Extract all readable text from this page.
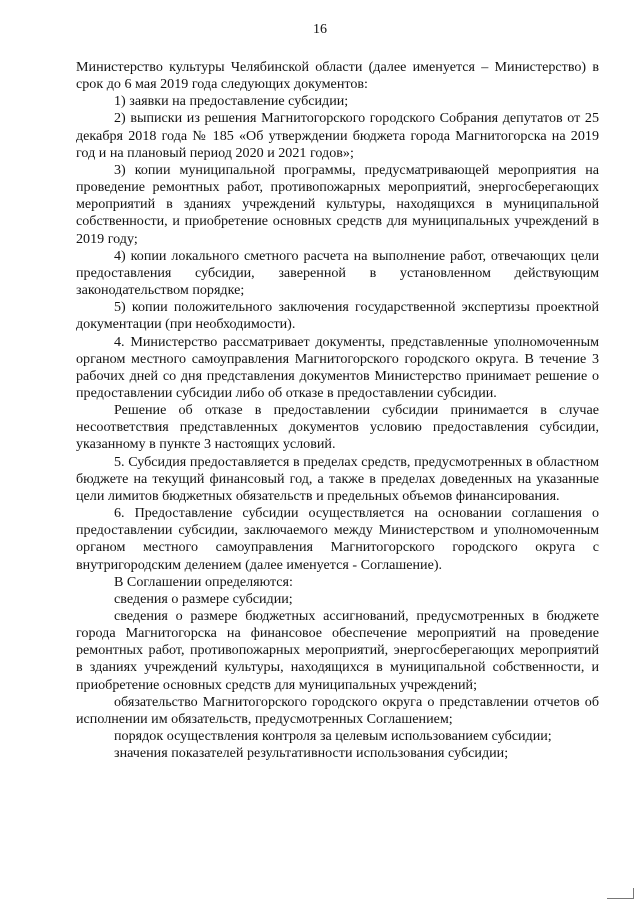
16

Министерство культуры Челябинской области (далее именуется – Министерство) в срок до 6 мая 2019 года следующих документов:

1) заявки на предоставление субсидии;

2) выписки из решения Магнитогорского городского Собрания депутатов от 25 декабря 2018 года № 185 «Об утверждении бюджета города Магнитогорска на 2019 год и на плановый период 2020 и 2021 годов»;

3) копии муниципальной программы, предусматривающей мероприятия на проведение ремонтных работ, противопожарных мероприятий, энергосберегающих мероприятий в зданиях учреждений культуры, находящихся в муниципальной собственности, и приобретение основных средств для муниципальных учреждений в 2019 году;

4) копии локального сметного расчета на выполнение работ, отвечающих цели предоставления субсидии, заверенной в установленном действующим законодательством порядке;

5) копии положительного заключения государственной экспертизы проектной документации (при необходимости).

4. Министерство рассматривает документы, представленные уполномоченным органом местного самоуправления Магнитогорского городского округа. В течение 3 рабочих дней со дня представления документов Министерство принимает решение о предоставлении субсидии либо об отказе в предоставлении субсидии.

Решение об отказе в предоставлении субсидии принимается в случае несоответствия представленных документов условию предоставления субсидии, указанному в пункте 3 настоящих условий.

5. Субсидия предоставляется в пределах средств, предусмотренных в областном бюджете на текущий финансовый год, а также в пределах доведенных на указанные цели лимитов бюджетных обязательств и предельных объемов финансирования.

6. Предоставление субсидии осуществляется на основании соглашения о предоставлении субсидии, заключаемого между Министерством и уполномоченным органом местного самоуправления Магнитогорского городского округа с внутригородским делением (далее именуется - Соглашение).

В Соглашении определяются:

сведения о размере субсидии;

сведения о размере бюджетных ассигнований, предусмотренных в бюджете города Магнитогорска на финансовое обеспечение мероприятий на проведение ремонтных работ, противопожарных мероприятий, энергосберегающих мероприятий в зданиях учреждений культуры, находящихся в муниципальной собственности, и приобретение основных средств для муниципальных учреждений;

обязательство Магнитогорского городского округа о представлении отчетов об исполнении им обязательств, предусмотренных Соглашением;

порядок осуществления контроля за целевым использованием субсидии;

значения показателей результативности использования субсидии;
